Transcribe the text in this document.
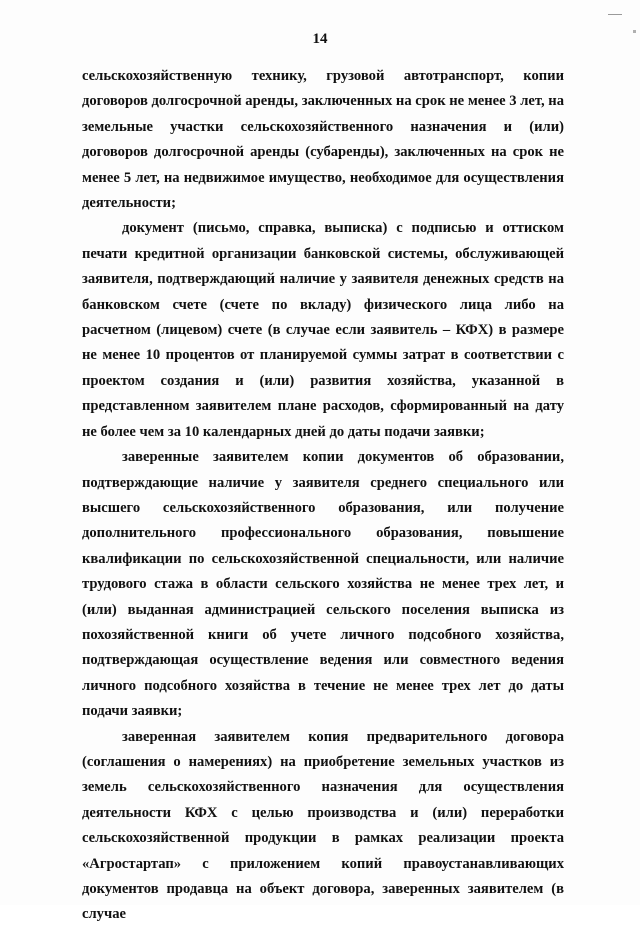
14

сельскохозяйственную технику, грузовой автотранспорт, копии договоров долгосрочной аренды, заключенных на срок не менее 3 лет, на земельные участки сельскохозяйственного назначения и (или) договоров долгосрочной аренды (субаренды), заключенных на срок не менее 5 лет, на недвижимое имущество, необходимое для осуществления деятельности;

документ (письмо, справка, выписка) с подписью и оттиском печати кредитной организации банковской системы, обслуживающей заявителя, подтверждающий наличие у заявителя денежных средств на банковском счете (счете по вкладу) физического лица либо на расчетном (лицевом) счете (в случае если заявитель – КФХ) в размере не менее 10 процентов от планируемой суммы затрат в соответствии с проектом создания и (или) развития хозяйства, указанной в представленном заявителем плане расходов, сформированный на дату не более чем за 10 календарных дней до даты подачи заявки;

заверенные заявителем копии документов об образовании, подтверждающие наличие у заявителя среднего специального или высшего сельскохозяйственного образования, или получение дополнительного профессионального образования, повышение квалификации по сельскохозяйственной специальности, или наличие трудового стажа в области сельского хозяйства не менее трех лет, и (или) выданная администрацией сельского поселения выписка из похозяйственной книги об учете личного подсобного хозяйства, подтверждающая осуществление ведения или совместного ведения личного подсобного хозяйства в течение не менее трех лет до даты подачи заявки;

заверенная заявителем копия предварительного договора (соглашения о намерениях) на приобретение земельных участков из земель сельскохозяйственного назначения для осуществления деятельности КФХ с целью производства и (или) переработки сельскохозяйственной продукции в рамках реализации проекта «Агростартап» с приложением копий правоустанавливающих документов продавца на объект договора, заверенных заявителем (в случае
